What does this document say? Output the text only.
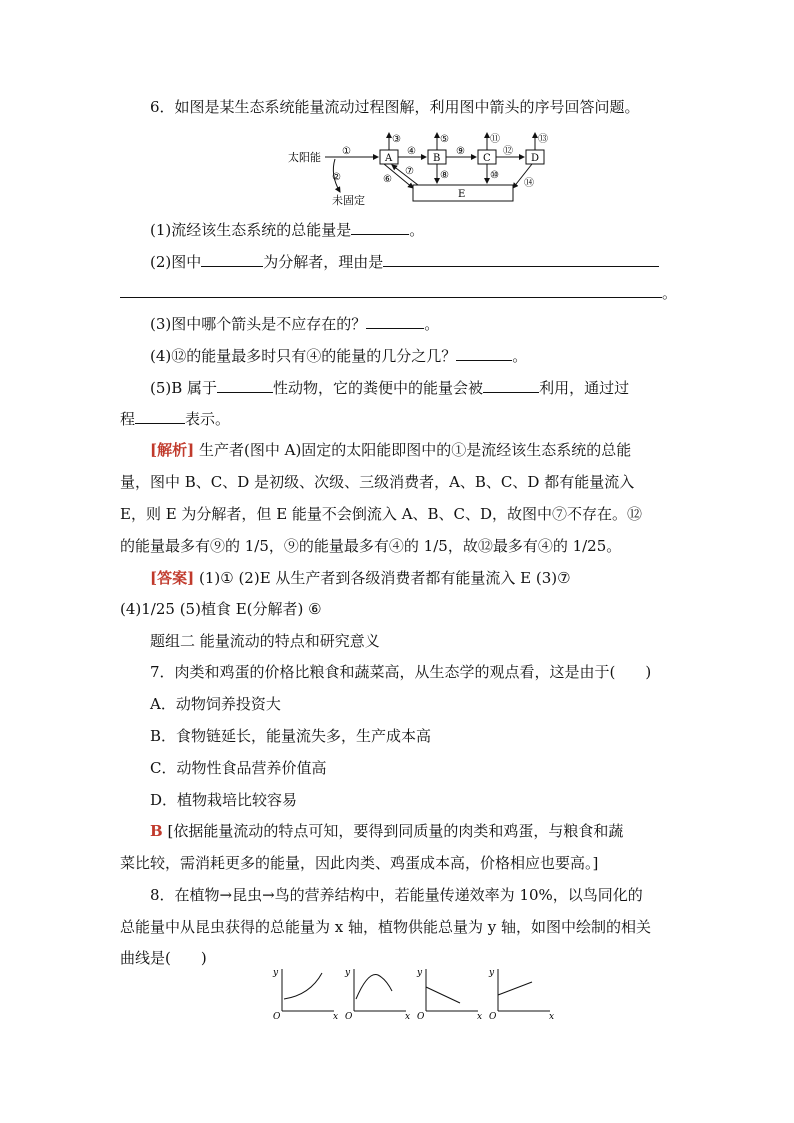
6．如图是某生态系统能量流动过程图解，利用图中箭头的序号回答问题。
太阳能 ①
②
未固定
A	B	C	D
E
④	⑨	⑫
③	⑤	⑪	⑬
⑥
⑦	⑧	⑩
⑭
(1)流经该生态系统的总能量是	。
(2)图中	为分解者，理由是
。
(3)图中哪个箭头是不应存在的？	。
(4)⑫的能量最多时只有④的能量的几分之几？	。
(5)B 属于	性动物，它的粪便中的能量会被	利用，通过过
程	表示。
[解析] 生产者(图中 A)固定的太阳能即图中的①是流经该生态系统的总能
量，图中 B、C、D 是初级、次级、三级消费者，A、B、C、D 都有能量流入
E，则 E 为分解者，但 E 能量不会倒流入 A、B、C、D，故图中⑦不存在。⑫
的能量最多有⑨的 1/5，⑨的能量最多有④的 1/5，故⑫最多有④的 1/25。
[答案] (1)① (2)E 从生产者到各级消费者都有能量流入 E (3)⑦
(4)1/25 (5)植食 E(分解者) ⑥
题组二 能量流动的特点和研究意义
7．肉类和鸡蛋的价格比粮食和蔬菜高，从生态学的观点看，这是由于(　　)
A．动物饲养投资大
B．食物链延长，能量流失多，生产成本高
C．动物性食品营养价值高
D．植物栽培比较容易
B [依据能量流动的特点可知，要得到同质量的肉类和鸡蛋，与粮食和蔬
菜比较，需消耗更多的能量，因此肉类、鸡蛋成本高，价格相应也要高。]
8．在植物→昆虫→鸟的营养结构中，若能量传递效率为 10%，以鸟同化的
总能量中从昆虫获得的总能量为 x 轴，植物供能总量为 y 轴，如图中绘制的相关
曲线是(　　)
y
x
O
y
x
O
y
x
O
y
x
O
